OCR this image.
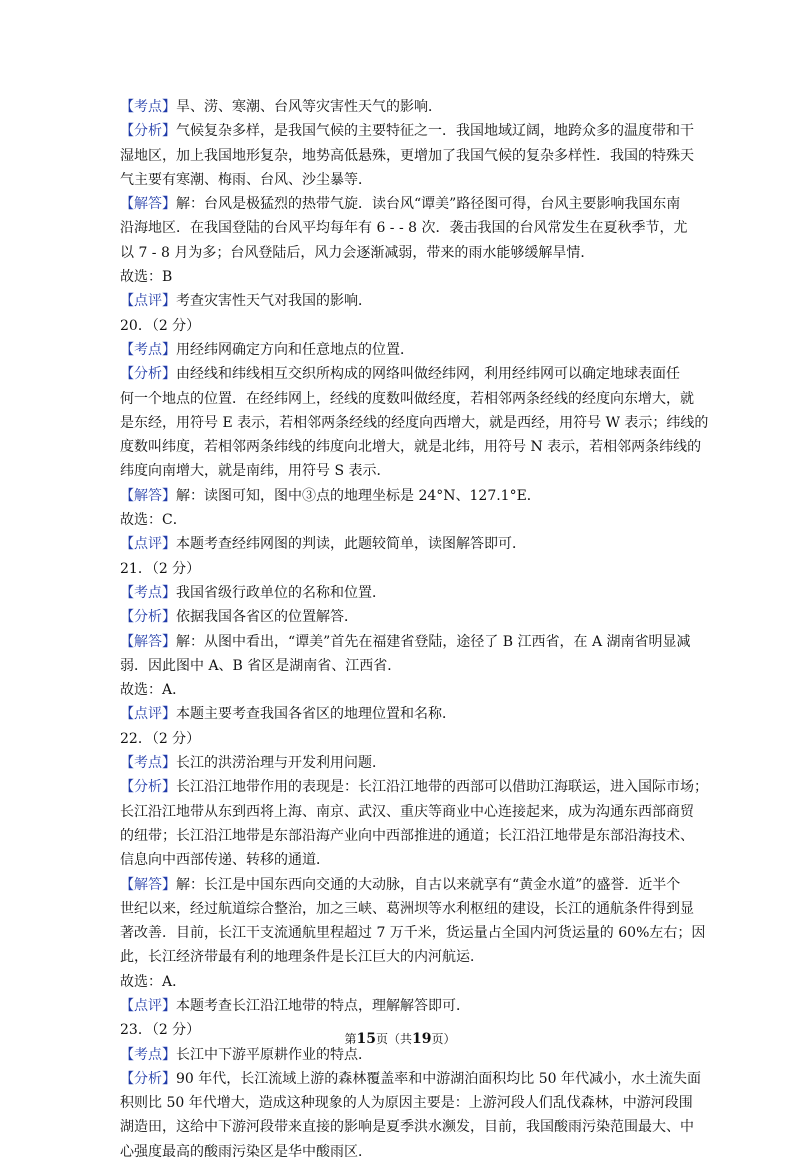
【考点】旱、涝、寒潮、台风等灾害性天气的影响．
【分析】气候复杂多样，是我国气候的主要特征之一．我国地域辽阔，地跨众多的温度带和干
湿地区，加上我国地形复杂，地势高低悬殊，更增加了我国气候的复杂多样性．我国的特殊天
气主要有寒潮、梅雨、台风、沙尘暴等．
【解答】解：台风是极猛烈的热带气旋．读台风“谭美”路径图可得，台风主要影响我国东南
沿海地区．在我国登陆的台风平均每年有 6 - - 8 次．袭击我国的台风常发生在夏秋季节，尤
以 7 - 8 月为多；台风登陆后，风力会逐渐减弱，带来的雨水能够缓解旱情．
故选：B
【点评】考查灾害性天气对我国的影响．
20．（2 分）
【考点】用经纬网确定方向和任意地点的位置．
【分析】由经线和纬线相互交织所构成的网络叫做经纬网，利用经纬网可以确定地球表面任
何一个地点的位置．在经纬网上，经线的度数叫做经度，若相邻两条经线的经度向东增大，就
是东经，用符号 E 表示，若相邻两条经线的经度向西增大，就是西经，用符号 W 表示；纬线的
度数叫纬度，若相邻两条纬线的纬度向北增大，就是北纬，用符号 N 表示，若相邻两条纬线的
纬度向南增大，就是南纬，用符号 S 表示．
【解答】解：读图可知，图中③点的地理坐标是 24°N、127.1°E．
故选：C．
【点评】本题考查经纬网图的判读，此题较简单，读图解答即可．
21．（2 分）
【考点】我国省级行政单位的名称和位置．
【分析】依据我国各省区的位置解答．
【解答】解：从图中看出，“谭美”首先在福建省登陆，途径了 B 江西省，在 A 湖南省明显减
弱．因此图中 A、B 省区是湖南省、江西省．
故选：A．
【点评】本题主要考查我国各省区的地理位置和名称．
22．（2 分）
【考点】长江的洪涝治理与开发利用问题．
【分析】长江沿江地带作用的表现是：长江沿江地带的西部可以借助江海联运，进入国际市场；
长江沿江地带从东到西将上海、南京、武汉、重庆等商业中心连接起来，成为沟通东西部商贸
的纽带；长江沿江地带是东部沿海产业向中西部推进的通道；长江沿江地带是东部沿海技术、
信息向中西部传递、转移的通道．
【解答】解：长江是中国东西向交通的大动脉，自古以来就享有“黄金水道”的盛誉．近半个
世纪以来，经过航道综合整治，加之三峡、葛洲坝等水利枢纽的建设，长江的通航条件得到显
著改善．目前，长江干支流通航里程超过 7 万千米，货运量占全国内河货运量的 60%左右；因
此，长江经济带最有利的地理条件是长江巨大的内河航运．
故选：A．
【点评】本题考查长江沿江地带的特点，理解解答即可．
23．（2 分）
【考点】长江中下游平原耕作业的特点．
【分析】90 年代，长江流域上游的森林覆盖率和中游湖泊面积均比 50 年代减小，水土流失面
积则比 50 年代增大，造成这种现象的人为原因主要是：上游河段人们乱伐森林，中游河段围
湖造田，这给中下游河段带来直接的影响是夏季洪水濒发，目前，我国酸雨污染范围最大、中
心强度最高的酸雨污染区是华中酸雨区．
第15页（共19页）
